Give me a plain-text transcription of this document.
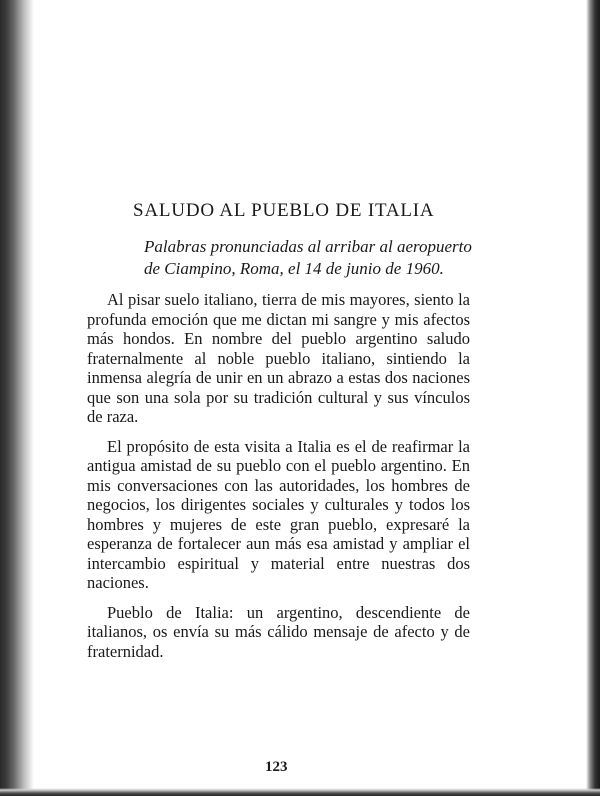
SALUDO AL PUEBLO DE ITALIA

Palabras pronunciadas al arribar al aeropuerto de Ciampino, Roma, el 14 de junio de 1960.

Al pisar suelo italiano, tierra de mis mayores, siento la profunda emoción que me dictan mi sangre y mis afectos más hondos. En nombre del pueblo argentino saludo fraternalmente al noble pueblo italiano, sintiendo la inmensa alegría de unir en un abrazo a estas dos naciones que son una sola por su tradición cultural y sus vínculos de raza.

El propósito de esta visita a Italia es el de reafirmar la antigua amistad de su pueblo con el pueblo argentino. En mis conversaciones con las autoridades, los hombres de negocios, los dirigentes sociales y culturales y todos los hombres y mujeres de este gran pueblo, expresaré la esperanza de fortalecer aun más esa amistad y ampliar el intercambio espiritual y material entre nuestras dos naciones.

Pueblo de Italia: un argentino, descendiente de italianos, os envía su más cálido mensaje de afecto y de fraternidad.

123
